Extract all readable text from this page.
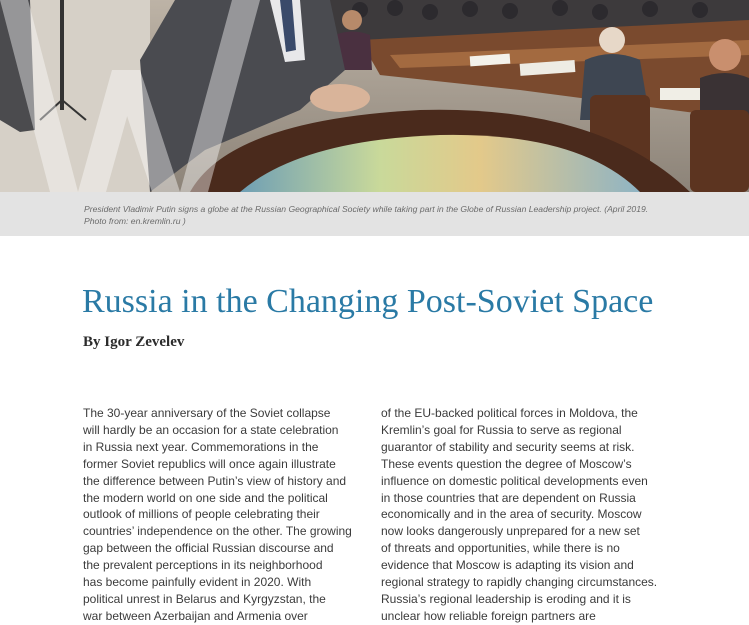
President Vladimir Putin signs a globe at the Russian Geographical Society while taking part in the Globe of Russian Leadership project. (April 2019.
Photo from: en.kremlin.ru )

Russia in the Changing Post-Soviet Space

By Igor Zevelev

The 30-year anniversary of the Soviet collapse
will hardly be an occasion for a state celebration
in Russia next year. Commemorations in the
former Soviet republics will once again illustrate
the difference between Putin’s view of history and
the modern world on one side and the political
outlook of millions of people celebrating their
countries’ independence on the other. The growing
gap between the official Russian discourse and
the prevalent perceptions in its neighborhood
has become painfully evident in 2020. With
political unrest in Belarus and Kyrgyzstan, the
war between Azerbaijan and Armenia over
of the EU-backed political forces in Moldova, the
Kremlin’s goal for Russia to serve as regional
guarantor of stability and security seems at risk.
These events question the degree of Moscow’s
influence on domestic political developments even
in those countries that are dependent on Russia
economically and in the area of security. Moscow
now looks dangerously unprepared for a new set
of threats and opportunities, while there is no
evidence that Moscow is adapting its vision and
regional strategy to rapidly changing circumstances.
Russia’s regional leadership is eroding and it is
unclear how reliable foreign partners are
